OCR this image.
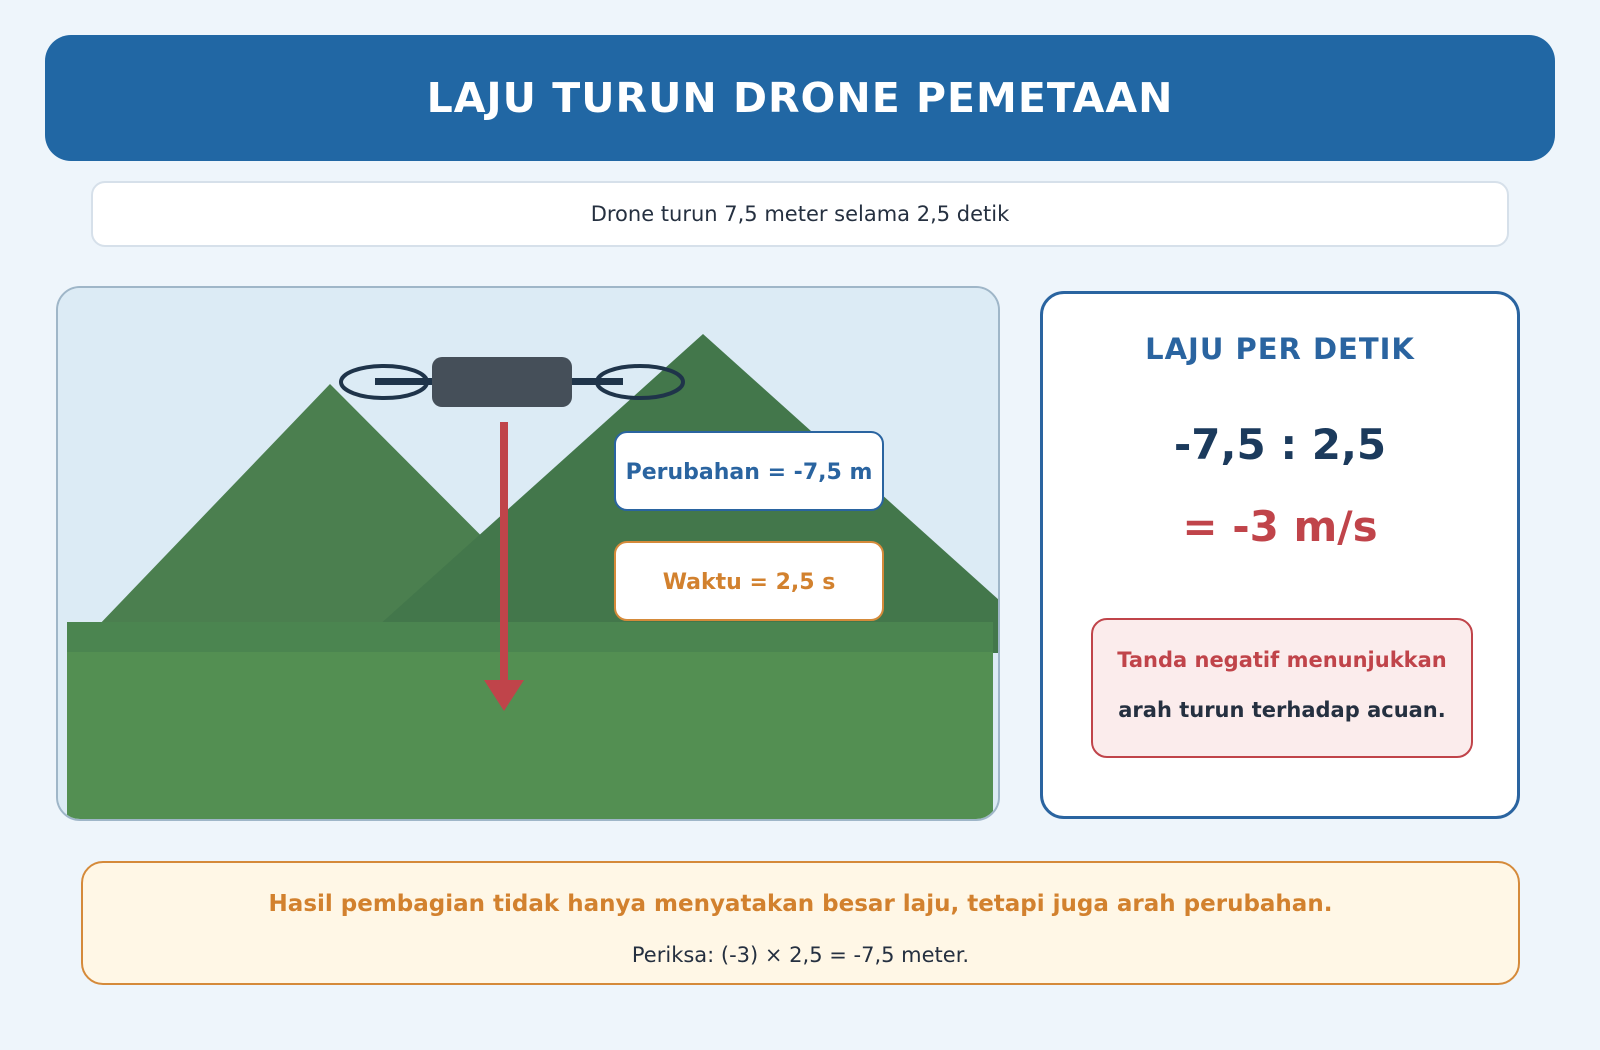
LAJU TURUN DRONE PEMETAAN
Drone turun 7,5 meter selama 2,5 detik
Perubahan = -7,5 m
Waktu = 2,5 s
LAJU PER DETIK
-7,5 : 2,5
= -3 m/s
Tanda negatif menunjukkan
arah turun terhadap acuan.
Hasil pembagian tidak hanya menyatakan besar laju, tetapi juga arah perubahan.
Periksa: (-3) × 2,5 = -7,5 meter.
